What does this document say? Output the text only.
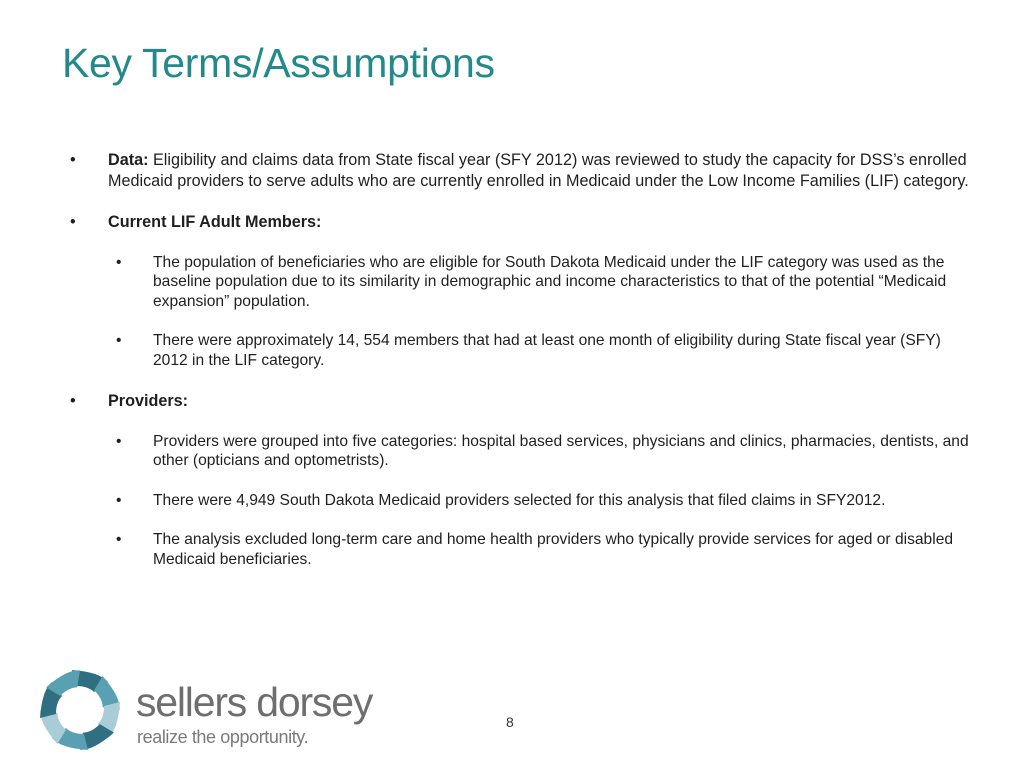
Key Terms/Assumptions
• Data: Eligibility and claims data from State fiscal year (SFY 2012) was reviewed to study the capacity for DSS’s enrolled Medicaid providers to serve adults who are currently enrolled in Medicaid under the Low Income Families (LIF) category.
• Current LIF Adult Members:
• The population of beneficiaries who are eligible for South Dakota Medicaid under the LIF category was used as the baseline population due to its similarity in demographic and income characteristics to that of the potential “Medicaid expansion” population.
• There were approximately 14, 554 members that had at least one month of eligibility during State fiscal year (SFY) 2012 in the LIF category.
• Providers:
• Providers were grouped into five categories: hospital based services, physicians and clinics, pharmacies, dentists, and other (opticians and optometrists).
• There were 4,949 South Dakota Medicaid providers selected for this analysis that filed claims in SFY2012.
• The analysis excluded long-term care and home health providers who typically provide services for aged or disabled Medicaid beneficiaries.
sellers dorsey
realize the opportunity.
8
